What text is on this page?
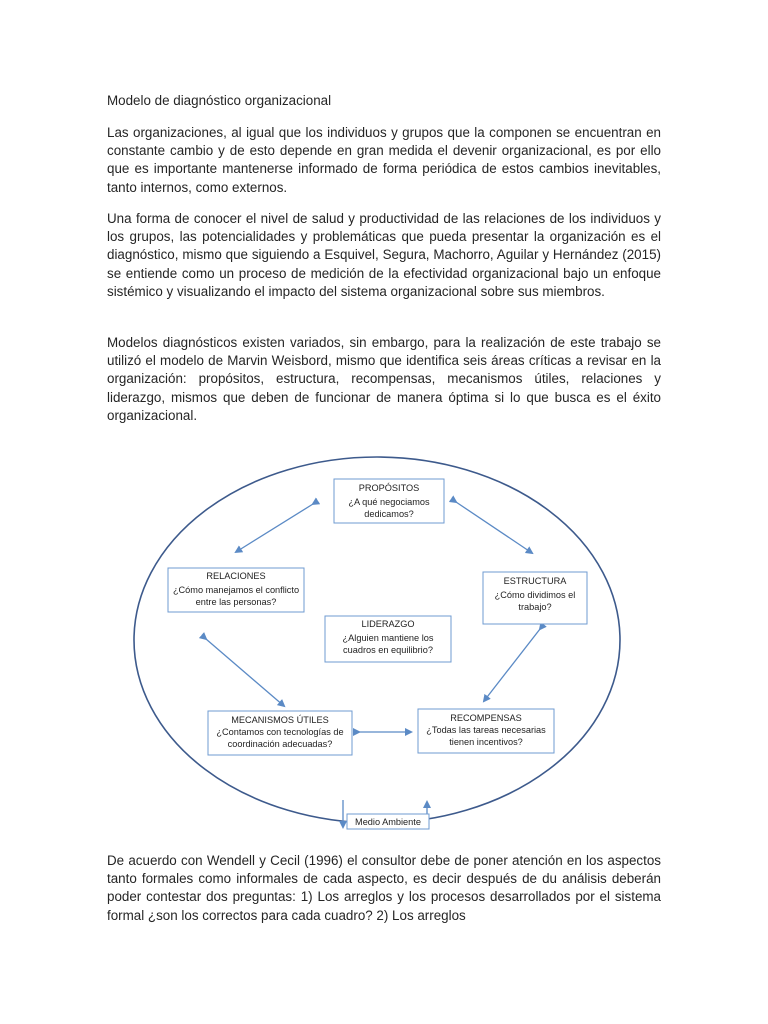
Modelo de diagnóstico organizacional

Las organizaciones, al igual que los individuos y grupos que la componen se encuentran en constante cambio y de esto depende en gran medida el devenir organizacional, es por ello que es importante mantenerse informado de forma periódica de estos cambios inevitables, tanto internos, como externos.

Una forma de conocer el nivel de salud y productividad de las relaciones de los individuos y los grupos, las potencialidades y problemáticas que pueda presentar la organización es el diagnóstico, mismo que siguiendo a Esquivel, Segura, Machorro, Aguilar y Hernández (2015) se entiende como un proceso de medición de la efectividad organizacional bajo un enfoque sistémico y visualizando el impacto del sistema organizacional sobre sus miembros.

Modelos diagnósticos existen variados, sin embargo, para la realización de este trabajo se utilizó el modelo de Marvin Weisbord, mismo que identifica seis áreas críticas a revisar en la organización: propósitos, estructura, recompensas, mecanismos útiles, relaciones y liderazgo, mismos que deben de funcionar de manera óptima si lo que busca es el éxito organizacional.

PROPÓSITOS
¿A qué negociamos
dedicamos?
RELACIONES
¿Cómo manejamos el conflicto
entre las personas?
ESTRUCTURA
¿Cómo dividimos el
trabajo?
LIDERAZGO
¿Alguien mantiene los
cuadros en equilibrio?
MECANISMOS ÚTILES
¿Contamos con tecnologías de
coordinación adecuadas?
RECOMPENSAS
¿Todas las tareas necesarias
tienen incentivos?
Medio Ambiente

De acuerdo con Wendell y Cecil (1996) el consultor debe de poner atención en los aspectos tanto formales como informales de cada aspecto, es decir después de du análisis deberán poder contestar dos preguntas: 1) Los arreglos y los procesos desarrollados por el sistema formal ¿son los correctos para cada cuadro? 2) Los arreglos
